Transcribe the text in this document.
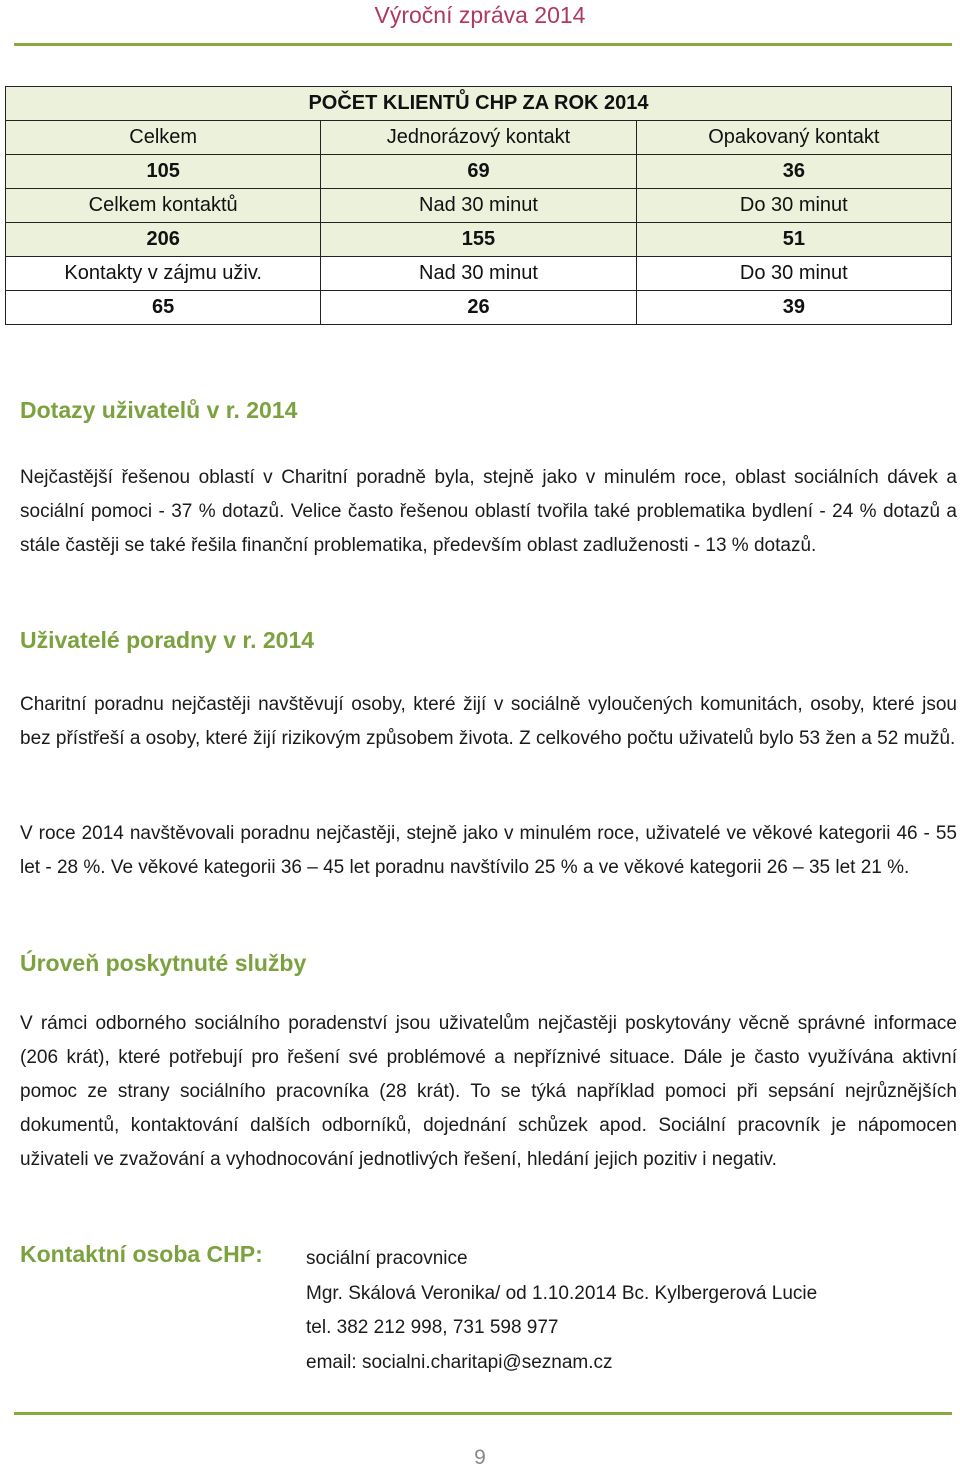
Výroční zpráva 2014
POČET KLIENTŮ CHP ZA ROK 2014		
Celkem	Jednorázový kontakt	Opakovaný kontakt
105	69	36
Celkem kontaktů	Nad 30 minut	Do 30 minut
206	155	51
Kontakty v zájmu uživ.	Nad 30 minut	Do 30 minut
65	26	39
Dotazy uživatelů v r. 2014
Nejčastější řešenou oblastí v Charitní poradně byla, stejně jako v minulém roce, oblast sociálních dávek a sociální pomoci - 37 % dotazů. Velice často řešenou oblastí tvořila také problematika bydlení - 24 % dotazů a stále častěji se také řešila finanční problematika, především oblast zadluženosti - 13 % dotazů.
Uživatelé poradny v r. 2014
Charitní poradnu nejčastěji navštěvují osoby, které žijí v sociálně vyloučených komunitách, osoby, které jsou bez přístřeší a osoby, které žijí rizikovým způsobem života. Z celkového počtu uživatelů bylo 53 žen a 52 mužů.
V roce 2014 navštěvovali poradnu nejčastěji, stejně jako v minulém roce, uživatelé ve věkové kategorii 46 - 55 let - 28 %. Ve věkové kategorii 36 – 45 let poradnu navštívilo 25 % a ve věkové kategorii 26 – 35 let 21 %.
Úroveň poskytnuté služby
V rámci odborného sociálního poradenství jsou uživatelům nejčastěji poskytovány věcně správné informace (206 krát), které potřebují pro řešení své problémové a nepříznivé situace. Dále je často využívána aktivní pomoc ze strany sociálního pracovníka (28 krát). To se týká například pomoci při sepsání nejrůznějších dokumentů, kontaktování dalších odborníků, dojednání schůzek apod. Sociální pracovník je nápomocen uživateli ve zvažování a vyhodnocování jednotlivých řešení, hledání jejich pozitiv i negativ.
Kontaktní osoba CHP: sociální pracovnice
Mgr. Skálová Veronika/ od 1.10.2014 Bc. Kylbergerová Lucie
tel. 382 212 998, 731 598 977
email: socialni.charitapi@seznam.cz
9
